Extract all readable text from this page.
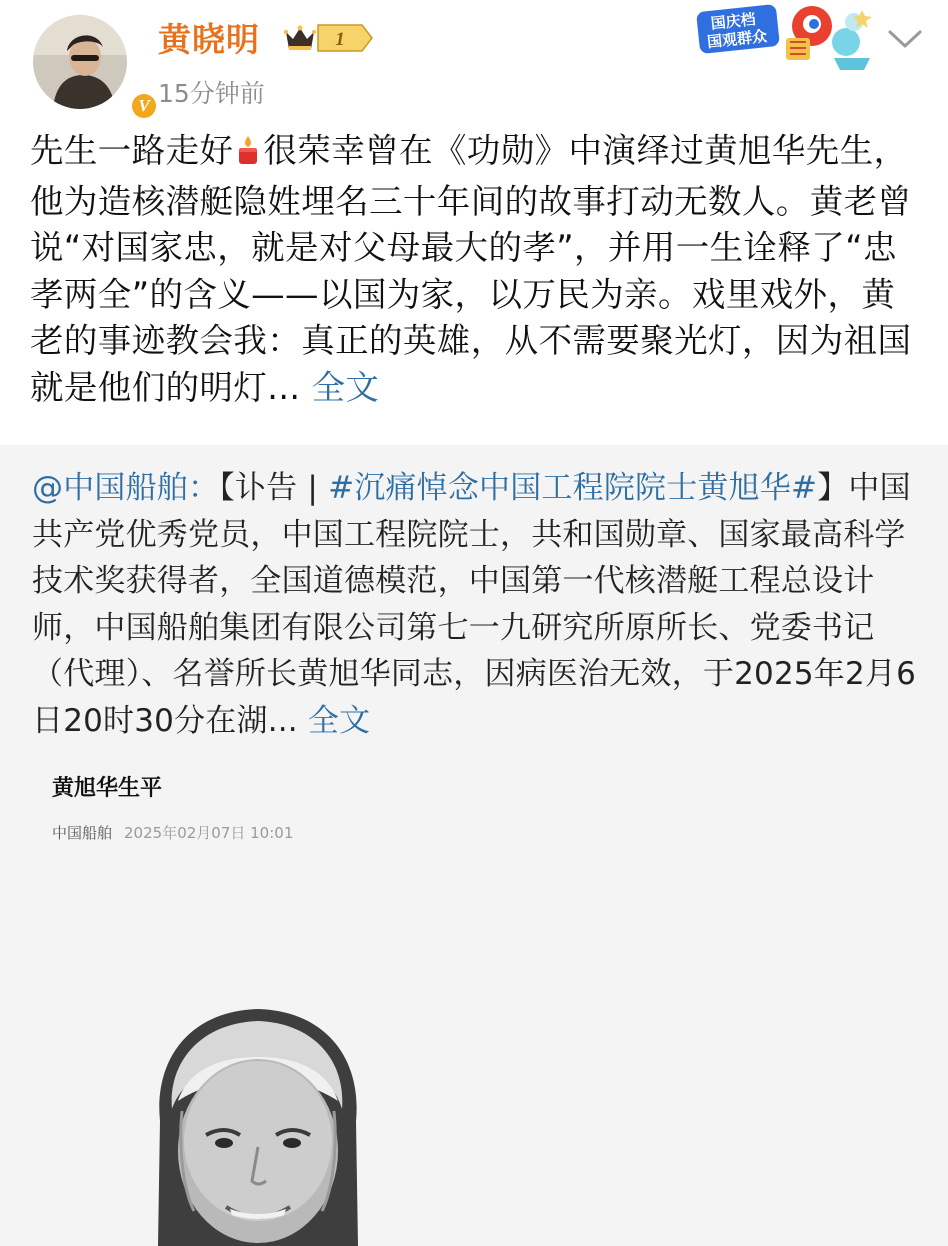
V
黄晓明	1
15分钟前
国庆档
国观群众
先生一路走好 很荣幸曾在《功勋》中演绎过黄旭华先生，他为造核潜艇隐姓埋名三十年间的故事打动无数人。黄老曾说“对国家忠，就是对父母最大的孝”，并用一生诠释了“忠孝两全”的含义——以国为家，以万民为亲。戏里戏外，黄老的事迹教会我：真正的英雄，从不需要聚光灯，因为祖国就是他们的明灯... 全文
@中国船舶：【讣告 | #沉痛悼念中国工程院院士黄旭华#】中国共产党优秀党员，中国工程院院士，共和国勋章、国家最高科学技术奖获得者，全国道德模范，中国第一代核潜艇工程总设计师，中国船舶集团有限公司第七一九研究所原所长、党委书记（代理）、名誉所长黄旭华同志，因病医治无效，于2025年2月6日20时30分在湖... 全文
黄旭华生平
中国船舶 2025年02月07日 10:01
